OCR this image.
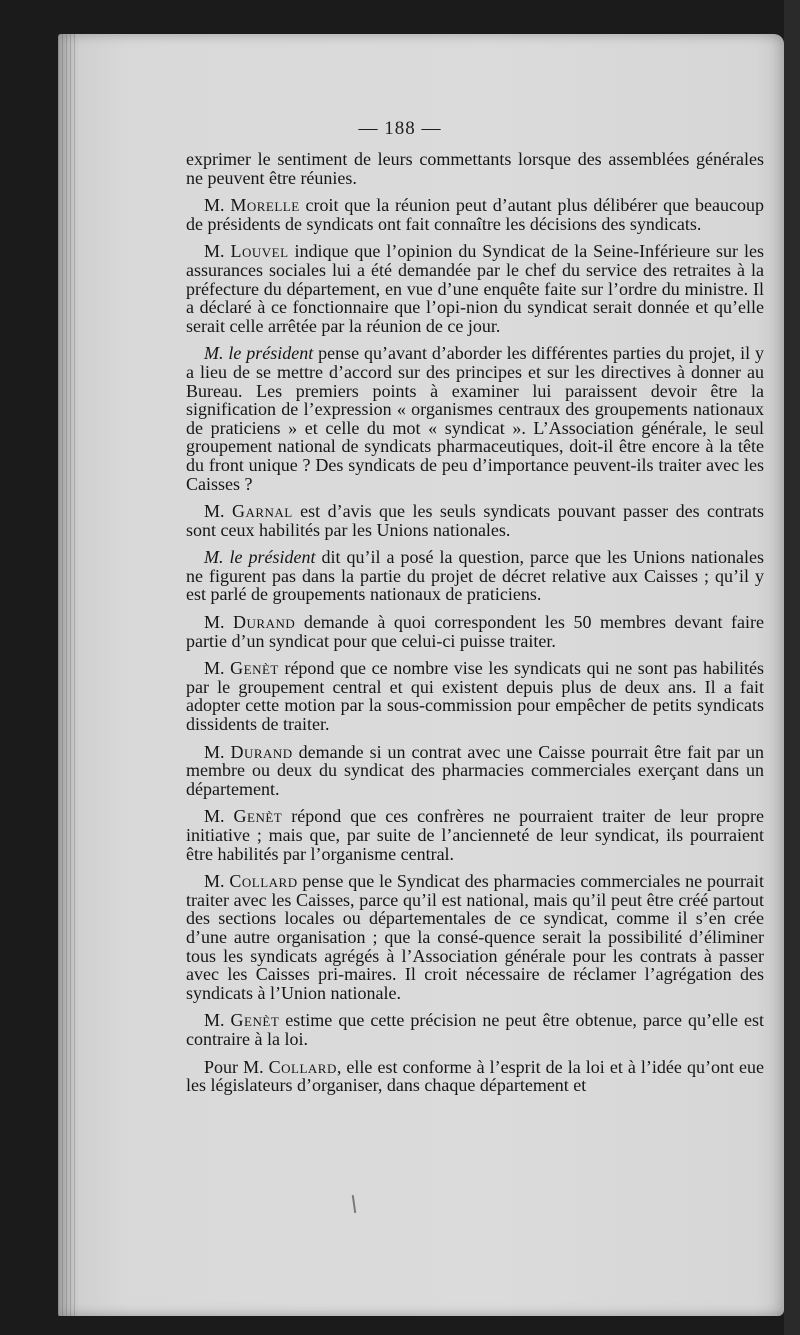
— 188 —

exprimer le sentiment de leurs commettants lorsque des assemblées générales ne peuvent être réunies.

M. Morelle croit que la réunion peut d’autant plus délibérer que beaucoup de présidents de syndicats ont fait connaître les décisions des syndicats.

M. Louvel indique que l’opinion du Syndicat de la Seine-Inférieure sur les assurances sociales lui a été demandée par le chef du service des retraites à la préfecture du département, en vue d’une enquête faite sur l’ordre du ministre. Il a déclaré à ce fonctionnaire que l’opi-nion du syndicat serait donnée et qu’elle serait celle arrêtée par la réunion de ce jour.

M. le président pense qu’avant d’aborder les différentes parties du projet, il y a lieu de se mettre d’accord sur des principes et sur les directives à donner au Bureau. Les premiers points à examiner lui paraissent devoir être la signification de l’expression « organismes centraux des groupements nationaux de praticiens » et celle du mot « syndicat ». L’Association générale, le seul groupement national de syndicats pharmaceutiques, doit-il être encore à la tête du front unique ? Des syndicats de peu d’importance peuvent-ils traiter avec les Caisses ?

M. Garnal est d’avis que les seuls syndicats pouvant passer des contrats sont ceux habilités par les Unions nationales.

M. le président dit qu’il a posé la question, parce que les Unions nationales ne figurent pas dans la partie du projet de décret relative aux Caisses ; qu’il y est parlé de groupements nationaux de praticiens.

M. Durand demande à quoi correspondent les 50 membres devant faire partie d’un syndicat pour que celui-ci puisse traiter.

M. Genèt répond que ce nombre vise les syndicats qui ne sont pas habilités par le groupement central et qui existent depuis plus de deux ans. Il a fait adopter cette motion par la sous-commission pour empêcher de petits syndicats dissidents de traiter.

M. Durand demande si un contrat avec une Caisse pourrait être fait par un membre ou deux du syndicat des pharmacies commerciales exerçant dans un département.

M. Genèt répond que ces confrères ne pourraient traiter de leur propre initiative ; mais que, par suite de l’ancienneté de leur syndicat, ils pourraient être habilités par l’organisme central.

M. Collard pense que le Syndicat des pharmacies commerciales ne pourrait traiter avec les Caisses, parce qu’il est national, mais qu’il peut être créé partout des sections locales ou départementales de ce syndicat, comme il s’en crée d’une autre organisation ; que la consé-quence serait la possibilité d’éliminer tous les syndicats agrégés à l’Association générale pour les contrats à passer avec les Caisses pri-maires. Il croit nécessaire de réclamer l’agrégation des syndicats à l’Union nationale.

M. Genèt estime que cette précision ne peut être obtenue, parce qu’elle est contraire à la loi.

Pour M. Collard, elle est conforme à l’esprit de la loi et à l’idée qu’ont eue les législateurs d’organiser, dans chaque département et
